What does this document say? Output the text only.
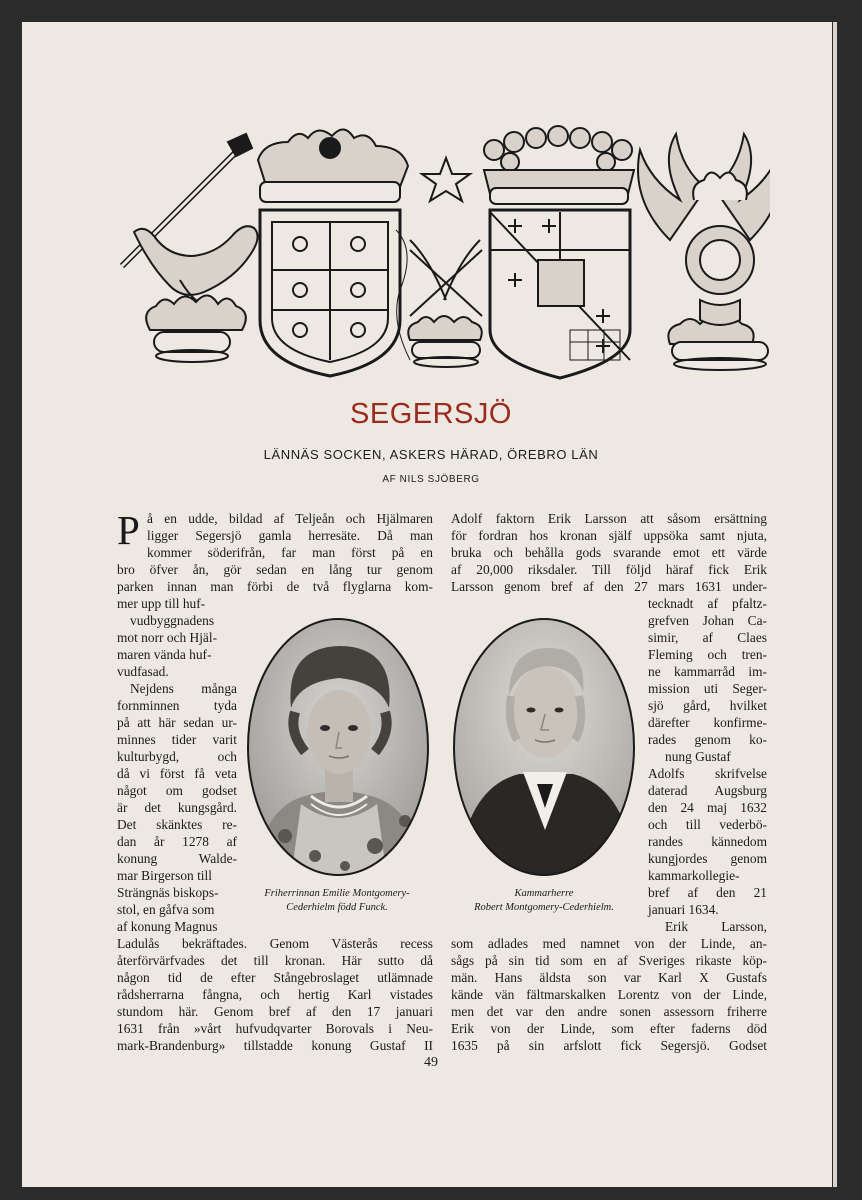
SEGERSJÖ
LÄNNÄS SOCKEN, ASKERS HÄRAD, ÖREBRO LÄN
AF NILS SJÖBERG
P å en udde, bildad af Teljeån och Hjälmaren
ligger Segersjö gamla herresäte. Då man
kommer söderifrån, far man först på en
bro öfver ån, gör sedan en lång tur genom
parken innan man förbi de två flyglarna kom-
mer upp till huf-
vudbyggnadens
mot norr och Hjäl-
maren vända huf-
vudfasad.
Nejdens många
fornminnen tyda
på att här sedan ur-
minnes tider varit
kulturbygd, och
då vi först få veta
något om godset
är det kungsgård.
Det skänktes re-
dan år 1278 af
konung Walde-
mar Birgerson till
Strängnäs biskops-
stol, en gåfva som
af konung Magnus
Ladulås bekräftades. Genom Västerås recess
återförvärfvades det till kronan. Här sutto då
någon tid de efter Stångebroslaget utlämnade
rådsherrarna fångna, och hertig Karl vistades
stundom här. Genom bref af den 17 januari
1631 från »vårt hufvudqvarter Borovals i Neu-
mark-Brandenburg» tillstadde konung Gustaf II
Adolf faktorn Erik Larsson att såsom ersättning
för fordran hos kronan själf uppsöka samt njuta,
bruka och behålla gods svarande emot ett värde
af 20,000 riksdaler. Till följd häraf fick Erik
Larsson genom bref af den 27 mars 1631 under-
tecknadt af pfaltz-
grefven Johan Ca-
simir, af Claes
Fleming och tren-
ne kammarråd im-
mission uti Seger-
sjö gård, hvilket
därefter konfirme-
rades genom ko-
nung Gustaf
Adolfs skrifvelse
daterad Augsburg
den 24 maj 1632
och till vederbö-
randes kännedom
kungjordes genom
kammarkollegie-
bref af den 21
januari 1634.
Erik Larsson,
som adlades med namnet von der Linde, an-
sågs på sin tid som en af Sveriges rikaste köp-
män. Hans äldsta son var Karl X Gustafs
kände vän fältmarskalken Lorentz von der Linde,
men det var den andre sonen assessorn friherre
Erik von der Linde, som efter faderns död
1635 på sin arfslott fick Segersjö. Godset
Friherrinnan Emilie Montgomery-
Cederhielm född Funck.
Kammarherre
Robert Montgomery-Cederhielm.
49
